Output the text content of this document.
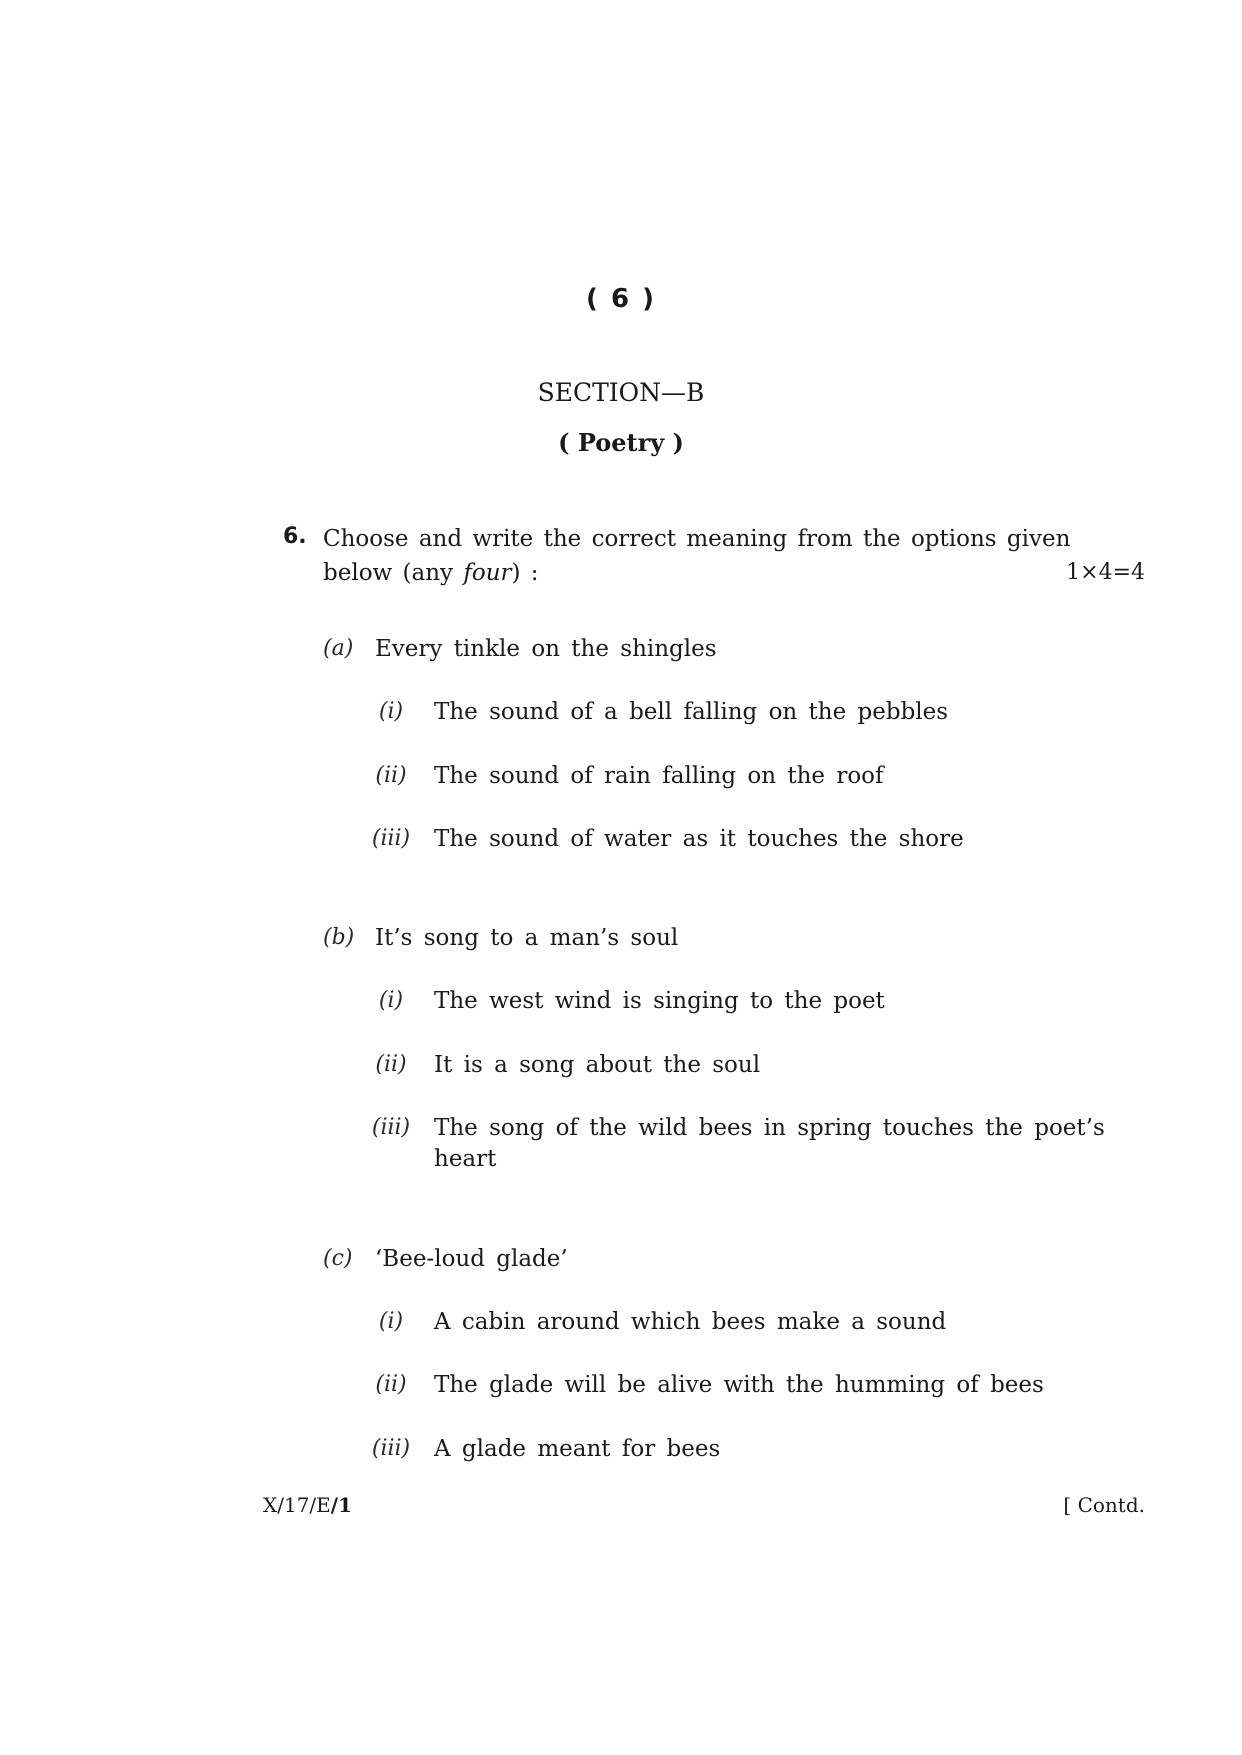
( 6 )
SECTION—B
( Poetry )
6. Choose and write the correct meaning from the options given
below (any four) :	1×4=4
(a) Every tinkle on the shingles
(i)	The sound of a bell falling on the pebbles
(ii)	The sound of rain falling on the roof
(iii) The sound of water as it touches the shore
(b) It’s song to a man’s soul
(i)	The west wind is singing to the poet
(ii)	It is a song about the soul
(iii) The song of the wild bees in spring touches the poet’s
heart
(c) ‘Bee-loud glade’
(i)	A cabin around which bees make a sound
(ii)	The glade will be alive with the humming of bees
(iii) A glade meant for bees
X/17/E/1	[ Contd.
